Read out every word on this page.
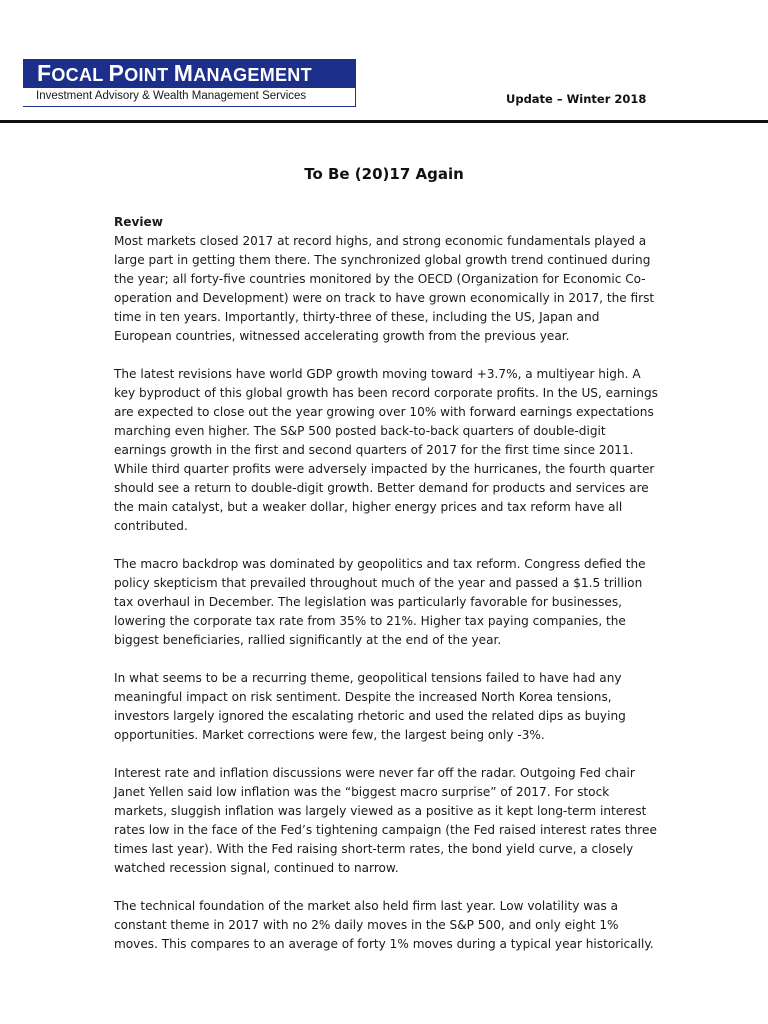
FOCAL POINT MANAGEMENT
Investment Advisory & Wealth Management Services	Update – Winter 2018
To Be (20)17 Again
Review

Most markets closed 2017 at record highs, and strong economic fundamentals played a large part in getting them there. The synchronized global growth trend continued during the year; all forty-five countries monitored by the OECD (Organization for Economic Co-operation and Development) were on track to have grown economically in 2017, the first time in ten years. Importantly, thirty-three of these, including the US, Japan and European countries, witnessed accelerating growth from the previous year.

The latest revisions have world GDP growth moving toward +3.7%, a multiyear high. A key byproduct of this global growth has been record corporate profits. In the US, earnings are expected to close out the year growing over 10% with forward earnings expectations marching even higher. The S&P 500 posted back-to-back quarters of double-digit earnings growth in the first and second quarters of 2017 for the first time since 2011. While third quarter profits were adversely impacted by the hurricanes, the fourth quarter should see a return to double-digit growth. Better demand for products and services are the main catalyst, but a weaker dollar, higher energy prices and tax reform have all contributed.

The macro backdrop was dominated by geopolitics and tax reform. Congress defied the policy skepticism that prevailed throughout much of the year and passed a $1.5 trillion tax overhaul in December. The legislation was particularly favorable for businesses, lowering the corporate tax rate from 35% to 21%. Higher tax paying companies, the biggest beneficiaries, rallied significantly at the end of the year.

In what seems to be a recurring theme, geopolitical tensions failed to have had any meaningful impact on risk sentiment. Despite the increased North Korea tensions, investors largely ignored the escalating rhetoric and used the related dips as buying opportunities. Market corrections were few, the largest being only -3%.

Interest rate and inflation discussions were never far off the radar. Outgoing Fed chair Janet Yellen said low inflation was the “biggest macro surprise” of 2017. For stock markets, sluggish inflation was largely viewed as a positive as it kept long-term interest rates low in the face of the Fed’s tightening campaign (the Fed raised interest rates three times last year). With the Fed raising short-term rates, the bond yield curve, a closely watched recession signal, continued to narrow.

The technical foundation of the market also held firm last year. Low volatility was a constant theme in 2017 with no 2% daily moves in the S&P 500, and only eight 1% moves. This compares to an average of forty 1% moves during a typical year historically.
